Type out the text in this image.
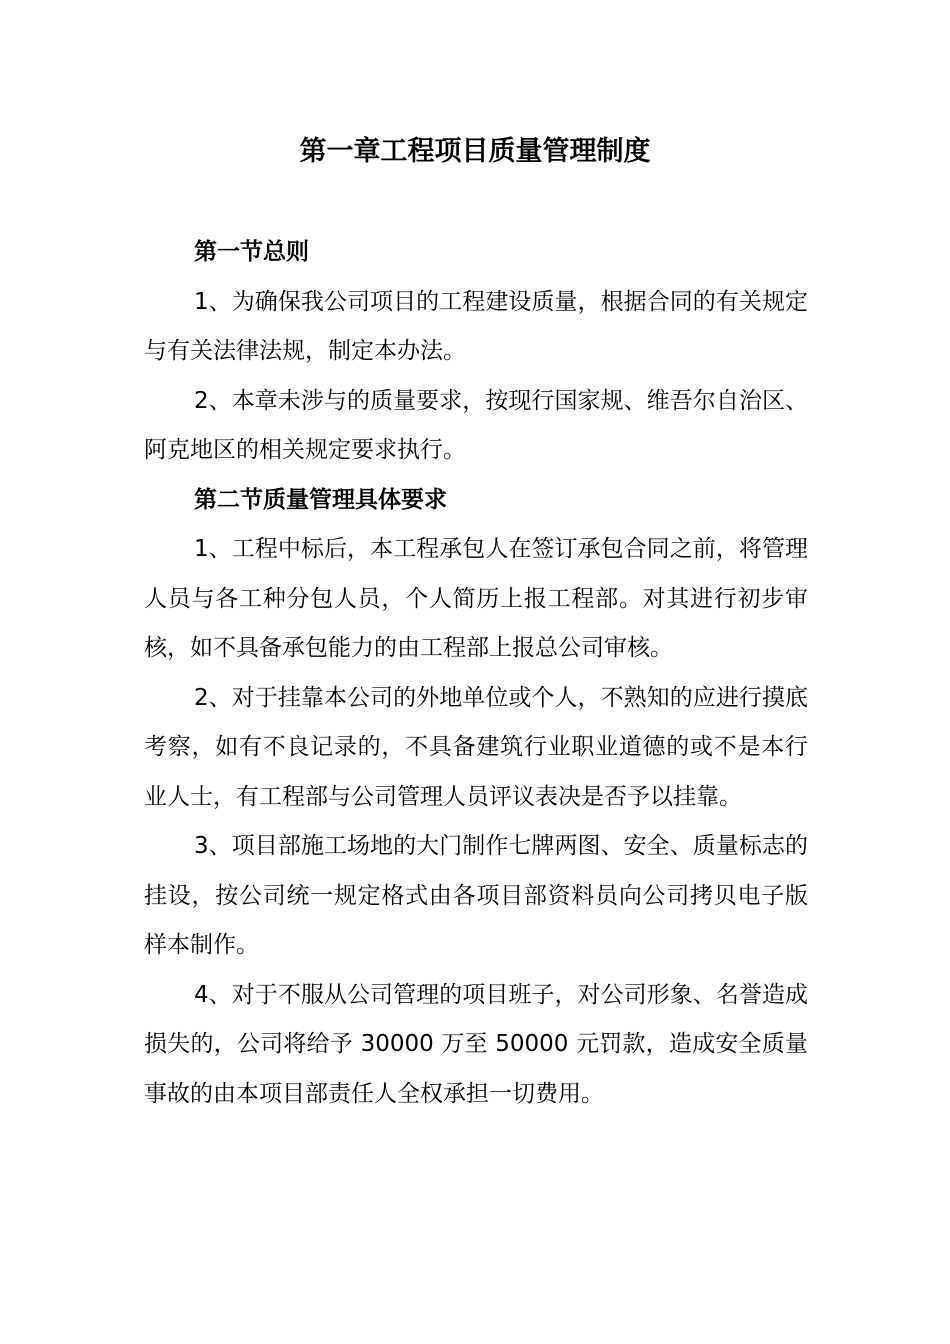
第一章工程项目质量管理制度
第一节总则

1、为确保我公司项目的工程建设质量，根据合同的有关规定与有关法律法规，制定本办法。

2、本章未涉与的质量要求，按现行国家规、维吾尔自治区、阿克地区的相关规定要求执行。

第二节质量管理具体要求

1、工程中标后，本工程承包人在签订承包合同之前，将管理人员与各工种分包人员，个人简历上报工程部。对其进行初步审核，如不具备承包能力的由工程部上报总公司审核。

2、对于挂靠本公司的外地单位或个人，不熟知的应进行摸底考察，如有不良记录的，不具备建筑行业职业道德的或不是本行业人士，有工程部与公司管理人员评议表决是否予以挂靠。

3、项目部施工场地的大门制作七牌两图、安全、质量标志的挂设，按公司统一规定格式由各项目部资料员向公司拷贝电子版样本制作。

4、对于不服从公司管理的项目班子，对公司形象、名誉造成损失的，公司将给予 30000 万至 50000 元罚款，造成安全质量事故的由本项目部责任人全权承担一切费用。
